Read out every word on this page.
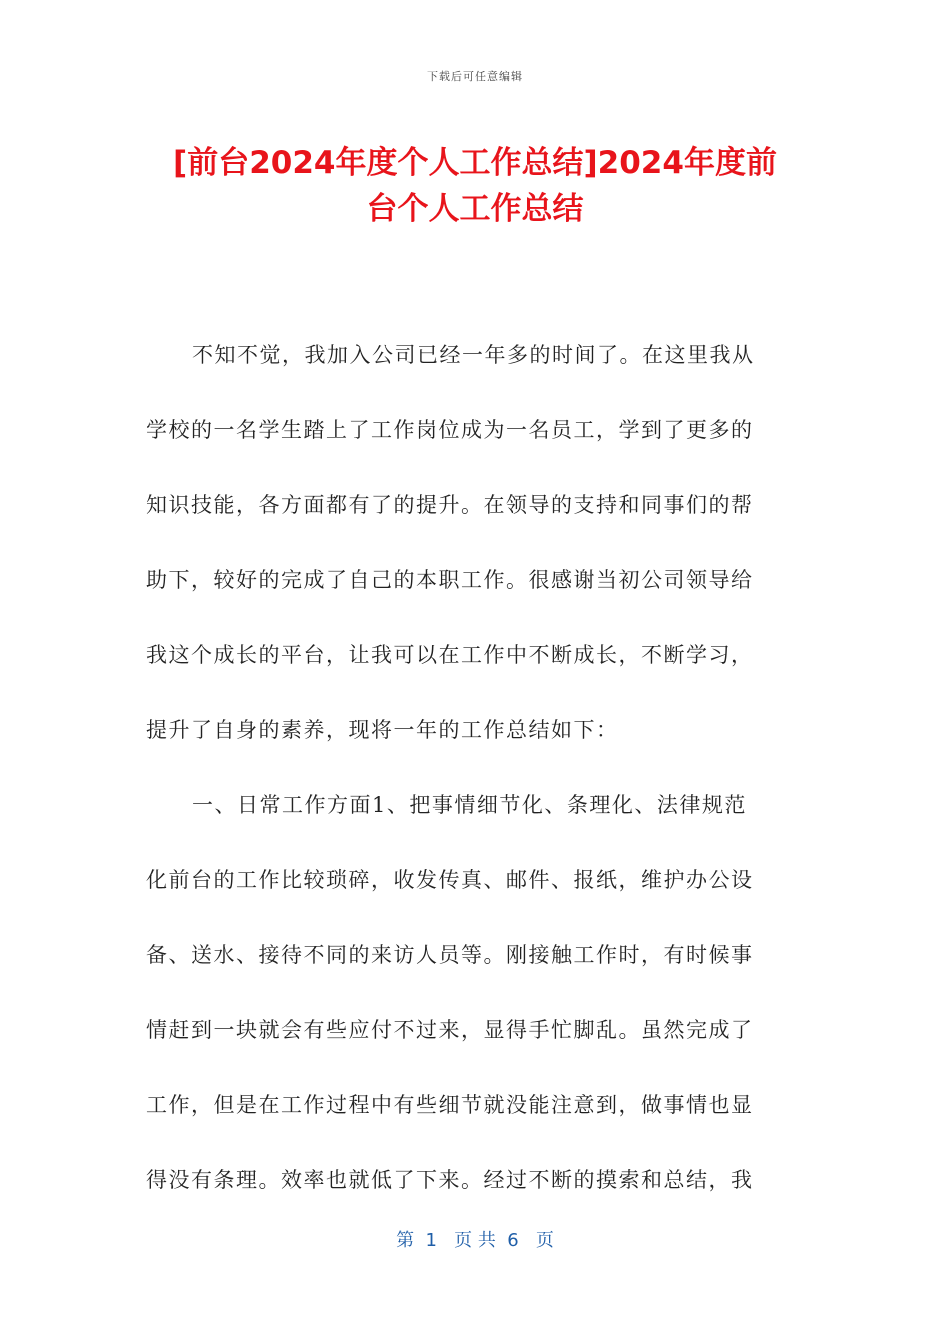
下载后可任意编辑
[前台2024年度个人工作总结]2024年度前
台个人工作总结
不知不觉，我加入公司已经一年多的时间了。在这里我从
学校的一名学生踏上了工作岗位成为一名员工，学到了更多的
知识技能，各方面都有了的提升。在领导的支持和同事们的帮
助下，较好的完成了自己的本职工作。很感谢当初公司领导给
我这个成长的平台，让我可以在工作中不断成长，不断学习，
提升了自身的素养，现将一年的工作总结如下：
一、日常工作方面1、把事情细节化、条理化、法律规范
化前台的工作比较琐碎，收发传真、邮件、报纸，维护办公设
备、送水、接待不同的来访人员等。刚接触工作时，有时候事
情赶到一块就会有些应付不过来，显得手忙脚乱。虽然完成了
工作，但是在工作过程中有些细节就没能注意到，做事情也显
得没有条理。效率也就低了下来。经过不断的摸索和总结，我
第  1   页 共  6   页
